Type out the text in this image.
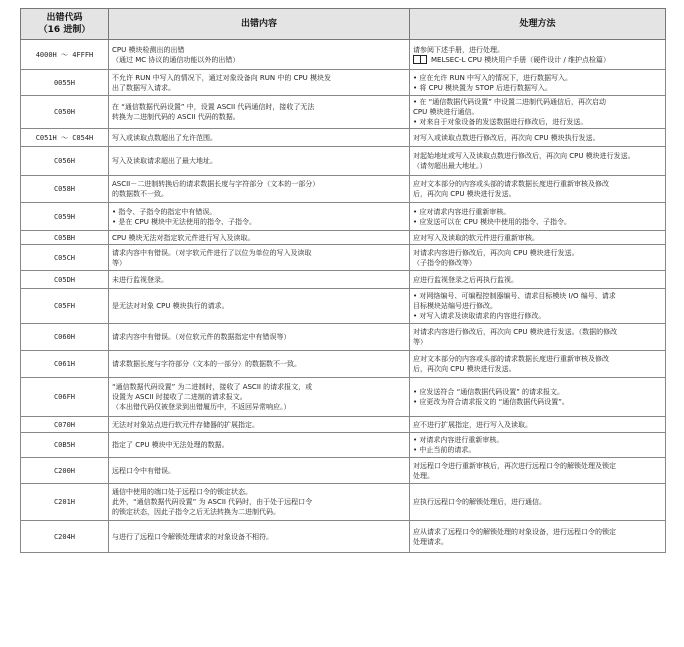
出错代码
（16 进制）	出错内容	处理方法
4000H ～ 4FFFH	CPU 模块检测出的出错
（通过 MC 协议的通信功能以外的出错）	请参阅下述手册，进行处理。
MELSEC-L CPU 模块用户手册（硬件设计 / 维护点检篇）

0055H	不允许 RUN 中写入的情况下，通过对象设备向 RUN 中的 CPU 模块发
出了数据写入请求。	• 应在允许 RUN 中写入的情况下，进行数据写入。
• 将 CPU 模块置为 STOP 后进行数据写入。

C050H	在 “通信数据代码设置” 中，设置 ASCII 代码通信时，接收了无法
转换为二进制代码的 ASCII 代码的数据。	• 在 “通信数据代码设置” 中设置二进制代码通信后，再次启动
CPU 模块进行通信。
• 对来自于对象设备的发送数据进行修改后，进行发送。

C051H ～ C054H	写入或读取点数超出了允许范围。	对写入或读取点数进行修改后，再次向 CPU 模块执行发送。

C056H	写入及读取请求超出了最大地址。	对起始地址或写入及读取点数进行修改后，再次向 CPU 模块进行发送。
（请勿超出最大地址。）

C058H	ASCII－二进制转换后的请求数据长度与字符部分（文本的一部分）
的数据数不一致。	应对文本部分的内容或头部的请求数据长度进行重新审核及修改
后，再次向 CPU 模块进行发送。

C059H	• 指令、子指令的指定中有错误。
• 是在 CPU 模块中无法使用的指令、子指令。	• 应对请求内容进行重新审核。
• 应发送可以在 CPU 模块中使用的指令、子指令。

C05BH	CPU 模块无法对指定软元件进行写入及读取。	应对写入及读取的软元件进行重新审核。

C05CH	请求内容中有错误。（对字软元件进行了以位为单位的写入及读取
等）	对请求内容进行修改后，再次向 CPU 模块进行发送。
（子指令的修改等）

C05DH	未进行监视登录。	应进行监视登录之后再执行监视。

C05FH	是无法对对象 CPU 模块执行的请求。	• 对网络编号、可编程控制器编号、请求目标模块 I/O 编号、请求
目标模块站编号进行修改。
• 对写入请求及读取请求的内容进行修改。

C060H	请求内容中有错误。（对位软元件的数据指定中有错误等）	对请求内容进行修改后，再次向 CPU 模块进行发送。（数据的修改
等）

C061H	请求数据长度与字符部分（文本的一部分）的数据数不一致。	应对文本部分的内容或头部的请求数据长度进行重新审核及修改
后，再次向 CPU 模块进行发送。

C06FH	“通信数据代码设置” 为二进制时，接收了 ASCII 的请求报文，或
设置为 ASCII 时接收了二进制的请求报文。
（本出错代码仅被登录到出错履历中，不返回异常响应。）	• 应发送符合 “通信数据代码设置” 的请求报文。
• 应更改为符合请求报文的 “通信数据代码设置”。

C070H	无法对对象站点进行软元件存储器的扩展指定。	应不进行扩展指定，进行写入及读取。

C0B5H	指定了 CPU 模块中无法处理的数据。	• 对请求内容进行重新审核。
• 中止当前的请求。

C200H	远程口令中有错误。	对远程口令进行重新审核后，再次进行远程口令的解锁处理及锁定
处理。

C201H	通信中使用的端口处于远程口令的锁定状态。
此外，“通信数据代码设置” 为 ASCII 代码时，由于处于远程口令
的锁定状态，因此子指令之后无法转换为二进制代码。	应执行远程口令的解锁处理后，进行通信。

C204H	与进行了远程口令解锁处理请求的对象设备不相符。	应从请求了远程口令的解锁处理的对象设备，进行远程口令的锁定
处理请求。
